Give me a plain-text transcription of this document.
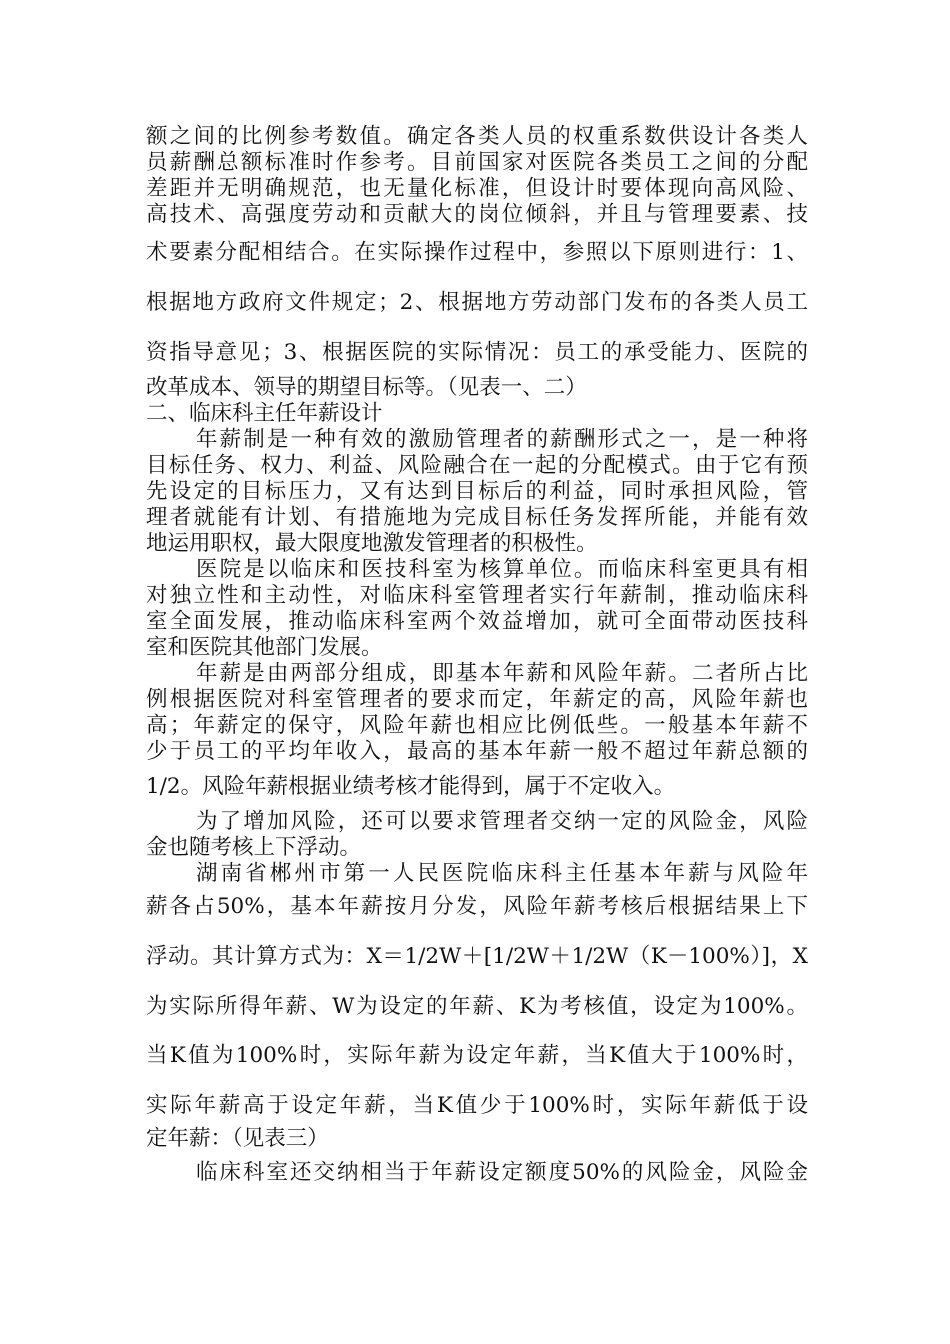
额之间的比例参考数值。确定各类人员的权重系数供设计各类人
员薪酬总额标准时作参考。目前国家对医院各类员工之间的分配
差距并无明确规范，也无量化标准，但设计时要体现向高风险、
高技术、高强度劳动和贡献大的岗位倾斜，并且与管理要素、技
术要素分配相结合。在实际操作过程中，参照以下原则进行：1、
根据地方政府文件规定；2、根据地方劳动部门发布的各类人员工
资指导意见；3、根据医院的实际情况：员工的承受能力、医院的
改革成本、领导的期望目标等。（见表一、二）
二、临床科主任年薪设计
年薪制是一种有效的激励管理者的薪酬形式之一，是一种将
目标任务、权力、利益、风险融合在一起的分配模式。由于它有预
先设定的目标压力，又有达到目标后的利益，同时承担风险，管
理者就能有计划、有措施地为完成目标任务发挥所能，并能有效
地运用职权，最大限度地激发管理者的积极性。
医院是以临床和医技科室为核算单位。而临床科室更具有相
对独立性和主动性，对临床科室管理者实行年薪制，推动临床科
室全面发展，推动临床科室两个效益增加，就可全面带动医技科
室和医院其他部门发展。
年薪是由两部分组成，即基本年薪和风险年薪。二者所占比
例根据医院对科室管理者的要求而定，年薪定的高，风险年薪也
高；年薪定的保守，风险年薪也相应比例低些。一般基本年薪不
少于员工的平均年收入，最高的基本年薪一般不超过年薪总额的
1/2。风险年薪根据业绩考核才能得到，属于不定收入。
为了增加风险，还可以要求管理者交纳一定的风险金，风险
金也随考核上下浮动。
湖南省郴州市第一人民医院临床科主任基本年薪与风险年
薪各占50%，基本年薪按月分发，风险年薪考核后根据结果上下
浮动。其计算方式为：X＝1/2W＋[1/2W＋1/2W（K－100%）]，X
为实际所得年薪、W为设定的年薪、K为考核值，设定为100%。
当K值为100%时，实际年薪为设定年薪，当K值大于100%时，
实际年薪高于设定年薪，当K值少于100%时，实际年薪低于设
定年薪：（见表三）
临床科室还交纳相当于年薪设定额度50%的风险金，风险金
